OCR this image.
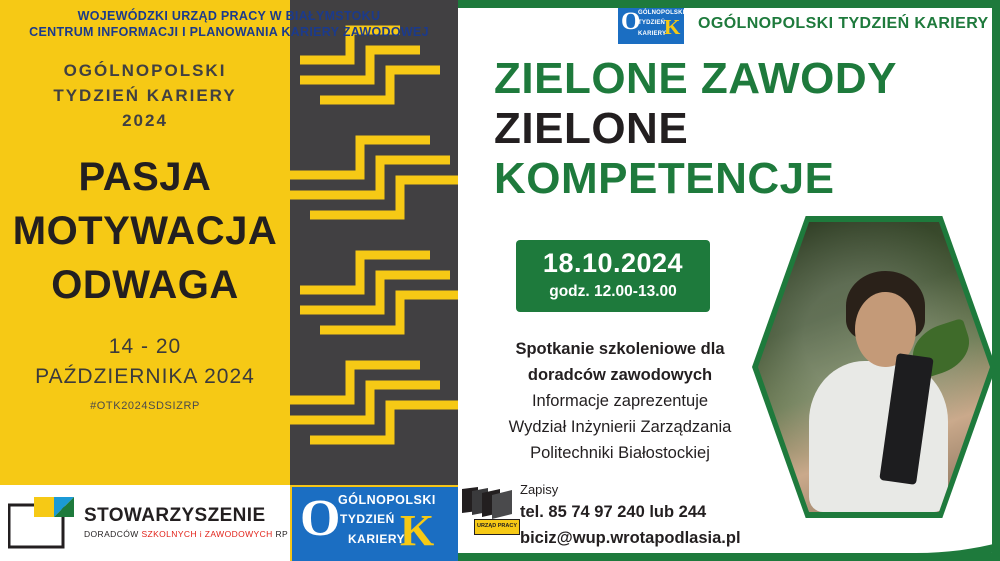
WOJEWÓDZKI URZĄD PRACY W BIAŁYMSTOKU
CENTRUM INFORMACJI I PLANOWANIA KARIERY ZAWODOWEJ
OGÓLNOPOLSKI
TYDZIEŃ KARIERY
2024
PASJA
MOTYWACJA
ODWAGA
14 - 20
PAŹDZIERNIKA 2024
#OTK2024SDSIZRP
STOWARZYSZENIE
DORADCÓW SZKOLNYCH i ZAWODOWYCH RP O K
GÓLNOPOLSKI
TYDZIEŃ
KARIERY
O K
GÓLNOPOLSKI
TYDZIEŃ
KARIERY
OGÓLNOPOLSKI TYDZIEŃ KARIERY
ZIELONE ZAWODY
ZIELONE
KOMPETENCJE
18.10.2024
godz. 12.00-13.00
Spotkanie szkoleniowe dla
doradców zawodowych
Informacje zaprezentuje
Wydział Inżynierii Zarządzania
Politechniki Białostockiej
URZĄD PRACY
Zapisy
tel. 85 74 97 240 lub 244
biciz@wup.wrotapodlasia.pl
